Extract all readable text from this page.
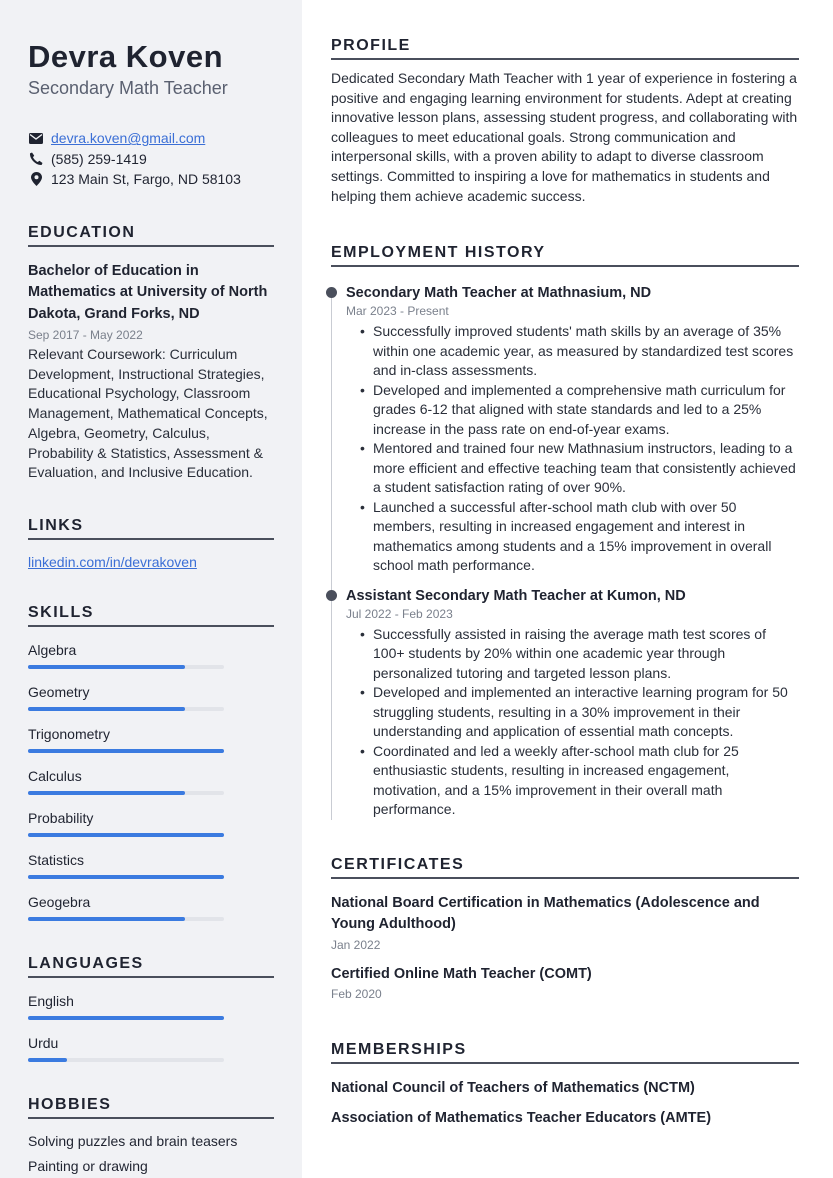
Devra Koven
Secondary Math Teacher
devra.koven@gmail.com
(585) 259-1419
123 Main St, Fargo, ND 58103
EDUCATION
Bachelor of Education in Mathematics at University of North Dakota, Grand Forks, ND
Sep 2017 - May 2022
Relevant Coursework: Curriculum Development, Instructional Strategies, Educational Psychology, Classroom Management, Mathematical Concepts, Algebra, Geometry, Calculus, Probability & Statistics, Assessment & Evaluation, and Inclusive Education.
LINKS
linkedin.com/in/devrakoven
SKILLS
Algebra
Geometry
Trigonometry
Calculus
Probability
Statistics
Geogebra
LANGUAGES
English
Urdu
HOBBIES
Solving puzzles and brain teasers
Painting or drawing
PROFILE

Dedicated Secondary Math Teacher with 1 year of experience in fostering a positive and engaging learning environment for students. Adept at creating innovative lesson plans, assessing student progress, and collaborating with colleagues to meet educational goals. Strong communication and interpersonal skills, with a proven ability to adapt to diverse classroom settings. Committed to inspiring a love for mathematics in students and helping them achieve academic success.

EMPLOYMENT HISTORY
Secondary Math Teacher at Mathnasium, ND
Mar 2023 - Present
• Successfully improved students' math skills by an average of 35% within one academic year, as measured by standardized test scores and in-class assessments.
• Developed and implemented a comprehensive math curriculum for grades 6-12 that aligned with state standards and led to a 25% increase in the pass rate on end-of-year exams.
• Mentored and trained four new Mathnasium instructors, leading to a more efficient and effective teaching team that consistently achieved a student satisfaction rating of over 90%.
• Launched a successful after-school math club with over 50 members, resulting in increased engagement and interest in mathematics among students and a 15% improvement in overall school math performance.
Assistant Secondary Math Teacher at Kumon, ND
Jul 2022 - Feb 2023
• Successfully assisted in raising the average math test scores of 100+ students by 20% within one academic year through personalized tutoring and targeted lesson plans.
• Developed and implemented an interactive learning program for 50 struggling students, resulting in a 30% improvement in their understanding and application of essential math concepts.
• Coordinated and led a weekly after-school math club for 25 enthusiastic students, resulting in increased engagement, motivation, and a 15% improvement in their overall math performance.
CERTIFICATES
National Board Certification in Mathematics (Adolescence and Young Adulthood)
Jan 2022
Certified Online Math Teacher (COMT)
Feb 2020
MEMBERSHIPS
National Council of Teachers of Mathematics (NCTM)
Association of Mathematics Teacher Educators (AMTE)
